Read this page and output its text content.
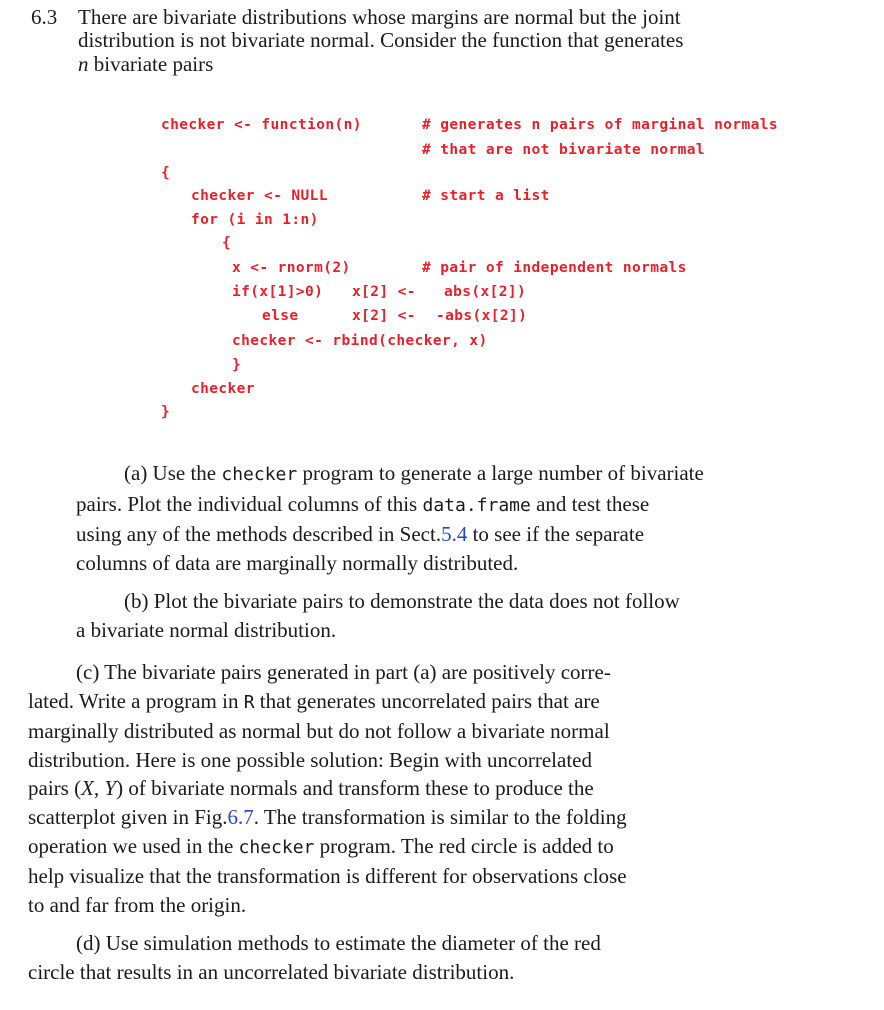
6.3 There are bivariate distributions whose margins are normal but the joint
distribution is not bivariate normal. Consider the function that generates
n bivariate pairs
checker <- function(n)	# generates n pairs of marginal normals
# that are not bivariate normal
{
checker <- NULL	# start a list
for (i in 1:n)
{
x <- rnorm(2)	# pair of independent normals
if(x[1]>0) x[2] <- abs(x[2])
else	x[2] <- -abs(x[2])
checker <- rbind(checker, x)
}
checker
}
(a) Use the checker program to generate a large number of bivariate
pairs. Plot the individual columns of this data.frame and test these
using any of the methods described in Sect.5.4 to see if the separate
columns of data are marginally normally distributed.
(b) Plot the bivariate pairs to demonstrate the data does not follow
a bivariate normal distribution.
(c) The bivariate pairs generated in part (a) are positively corre-
lated. Write a program in R that generates uncorrelated pairs that are
marginally distributed as normal but do not follow a bivariate normal
distribution. Here is one possible solution: Begin with uncorrelated
pairs (X, Y) of bivariate normals and transform these to produce the
scatterplot given in Fig.6.7. The transformation is similar to the folding
operation we used in the checker program. The red circle is added to
help visualize that the transformation is different for observations close
to and far from the origin.
(d) Use simulation methods to estimate the diameter of the red
circle that results in an uncorrelated bivariate distribution.
